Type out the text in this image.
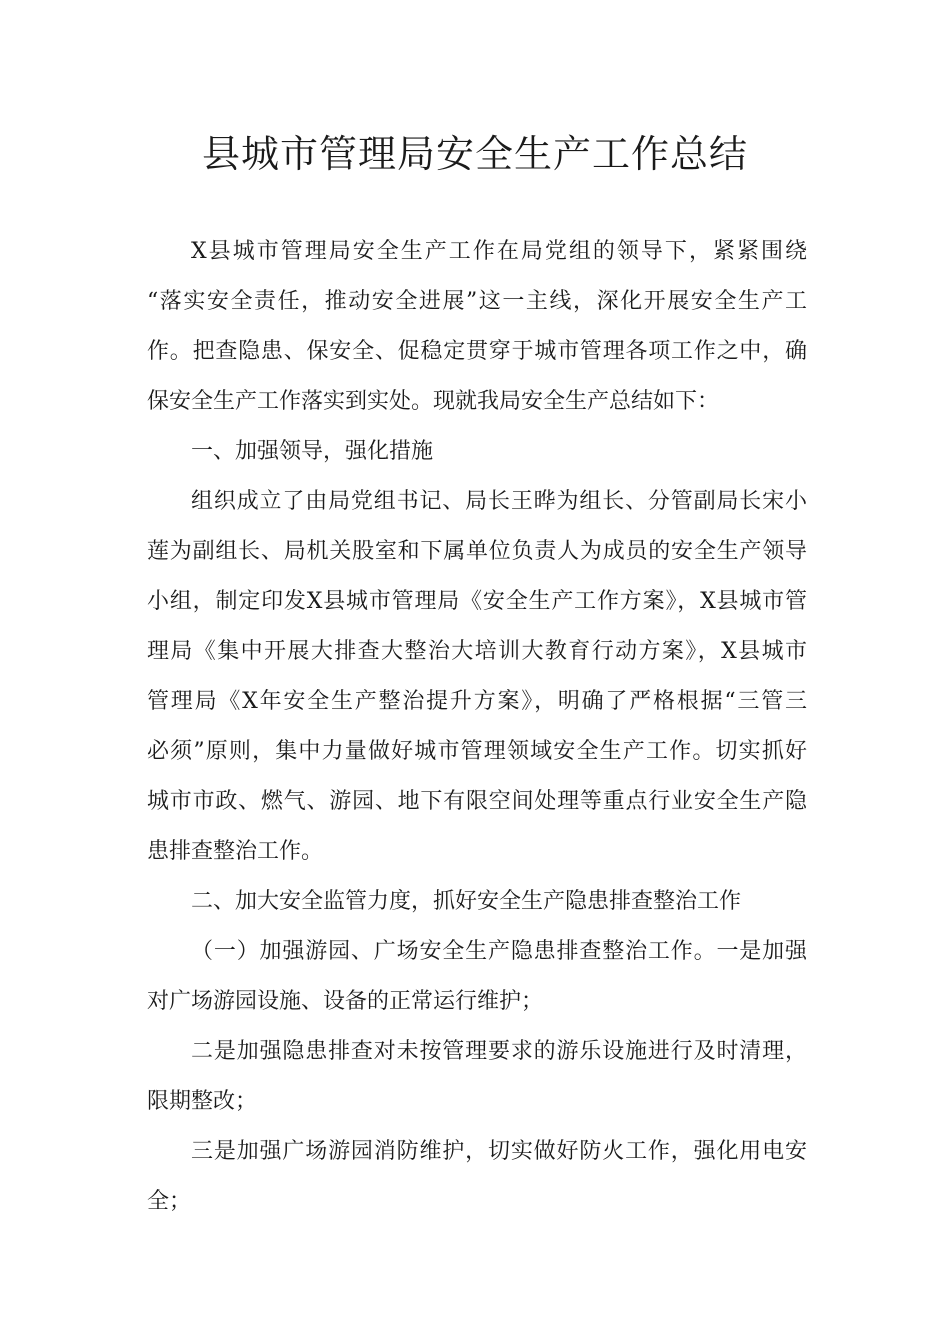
县城市管理局安全生产工作总结
X县城市管理局安全生产工作在局党组的领导下，紧紧围绕
“落实安全责任，推动安全进展”这一主线，深化开展安全生产工
作。把查隐患、保安全、促稳定贯穿于城市管理各项工作之中，确
保安全生产工作落实到实处。现就我局安全生产总结如下：
一、加强领导，强化措施
组织成立了由局党组书记、局长王晔为组长、分管副局长宋小
莲为副组长、局机关股室和下属单位负责人为成员的安全生产领导
小组，制定印发X县城市管理局《安全生产工作方案》，X县城市管
理局《集中开展大排查大整治大培训大教育行动方案》，X县城市
管理局《X年安全生产整治提升方案》，明确了严格根据“三管三
必须”原则，集中力量做好城市管理领域安全生产工作。切实抓好
城市市政、燃气、游园、地下有限空间处理等重点行业安全生产隐
患排查整治工作。
二、加大安全监管力度，抓好安全生产隐患排查整治工作
（一）加强游园、广场安全生产隐患排查整治工作。一是加强
对广场游园设施、设备的正常运行维护；
二是加强隐患排查对未按管理要求的游乐设施进行及时清理，
限期整改；
三是加强广场游园消防维护，切实做好防火工作，强化用电安
全；
